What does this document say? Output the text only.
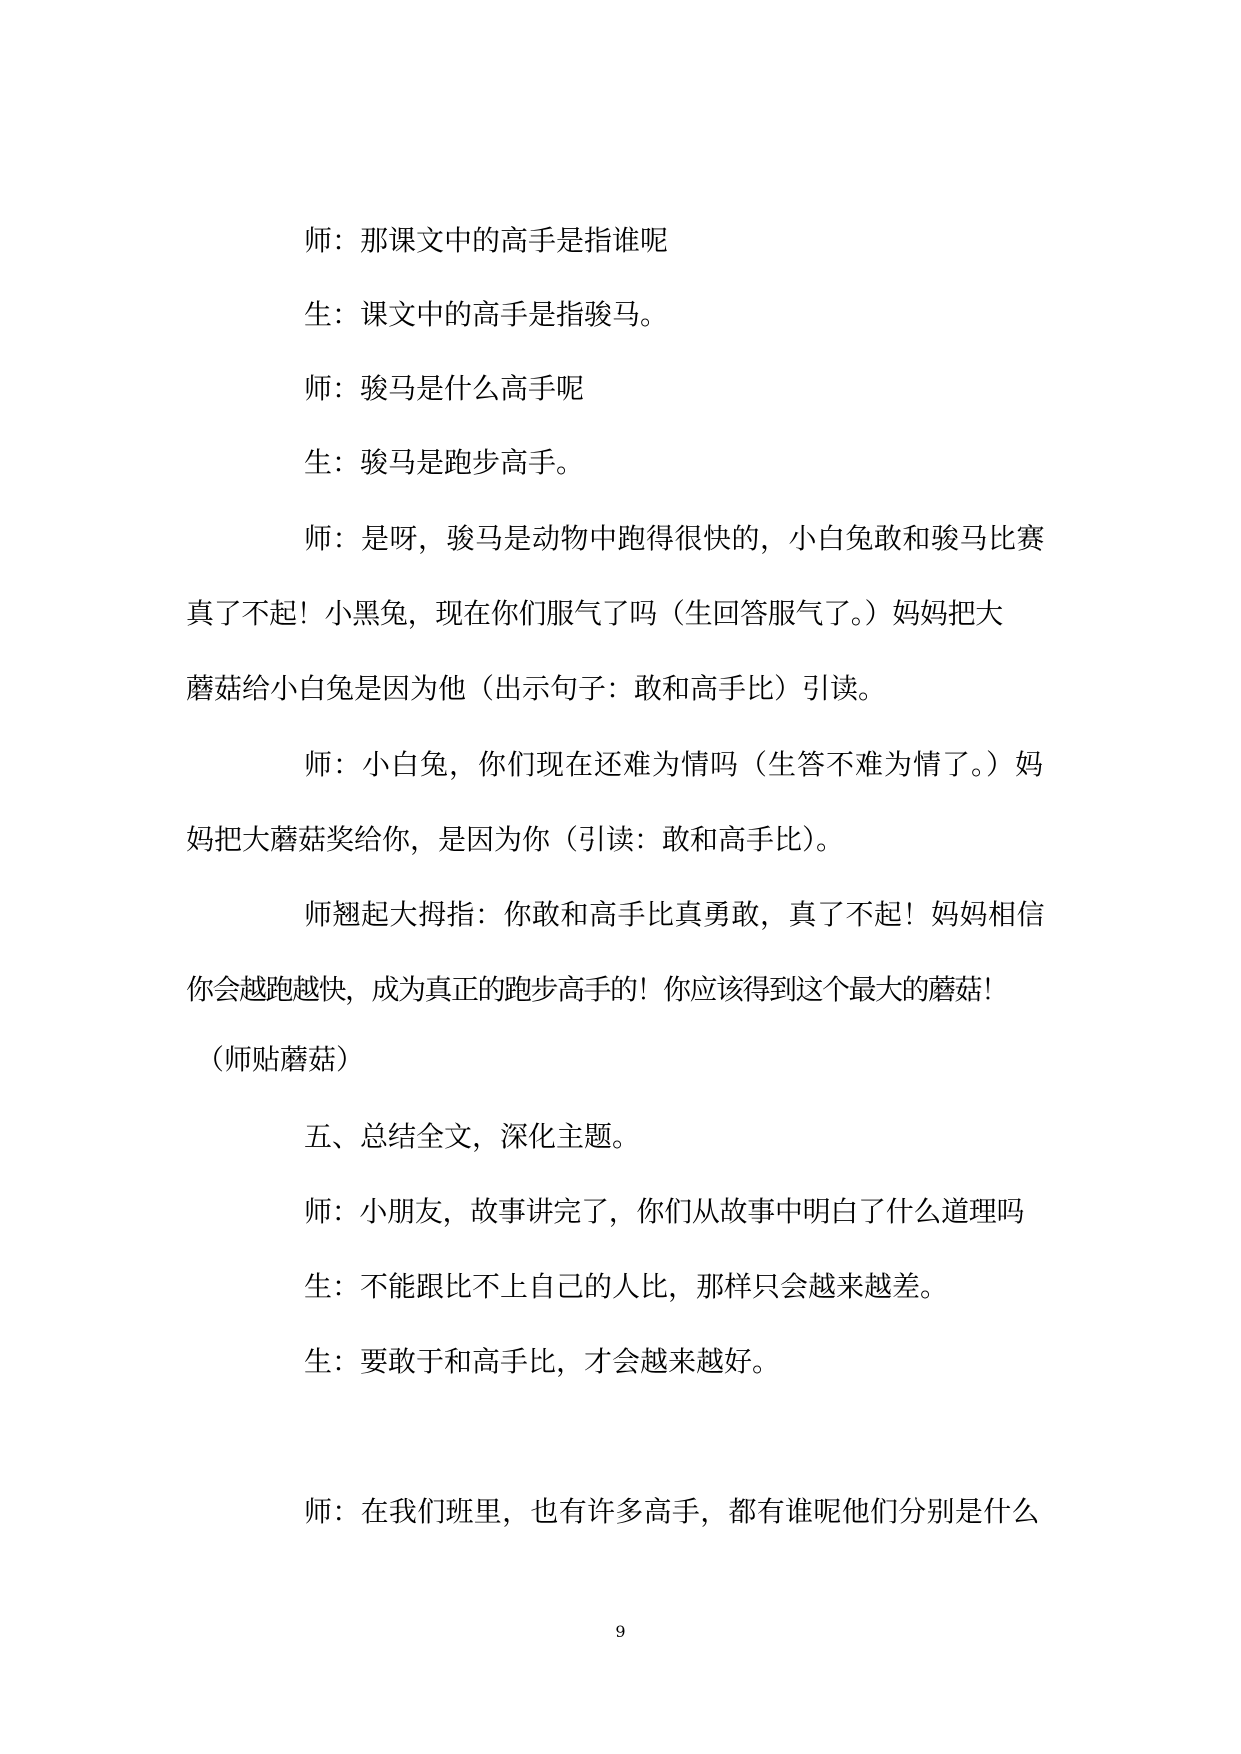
师：那课文中的高手是指谁呢
生：课文中的高手是指骏马。
师：骏马是什么高手呢
生：骏马是跑步高手。
师：是呀，骏马是动物中跑得很快的，小白兔敢和骏马比赛
真了不起！小黑兔，现在你们服气了吗（生回答服气了。）妈妈把大
蘑菇给小白兔是因为他（出示句子：敢和高手比）引读。
师：小白兔，你们现在还难为情吗（生答不难为情了。）妈
妈把大蘑菇奖给你，是因为你（引读：敢和高手比）。
师翘起大拇指：你敢和高手比真勇敢，真了不起！妈妈相信
你会越跑越快，成为真正的跑步高手的！你应该得到这个最大的蘑菇！
（师贴蘑菇）
五、总结全文，深化主题。
师：小朋友，故事讲完了，你们从故事中明白了什么道理吗
生：不能跟比不上自己的人比，那样只会越来越差。
生：要敢于和高手比，才会越来越好。
师：在我们班里，也有许多高手，都有谁呢他们分别是什么
9
